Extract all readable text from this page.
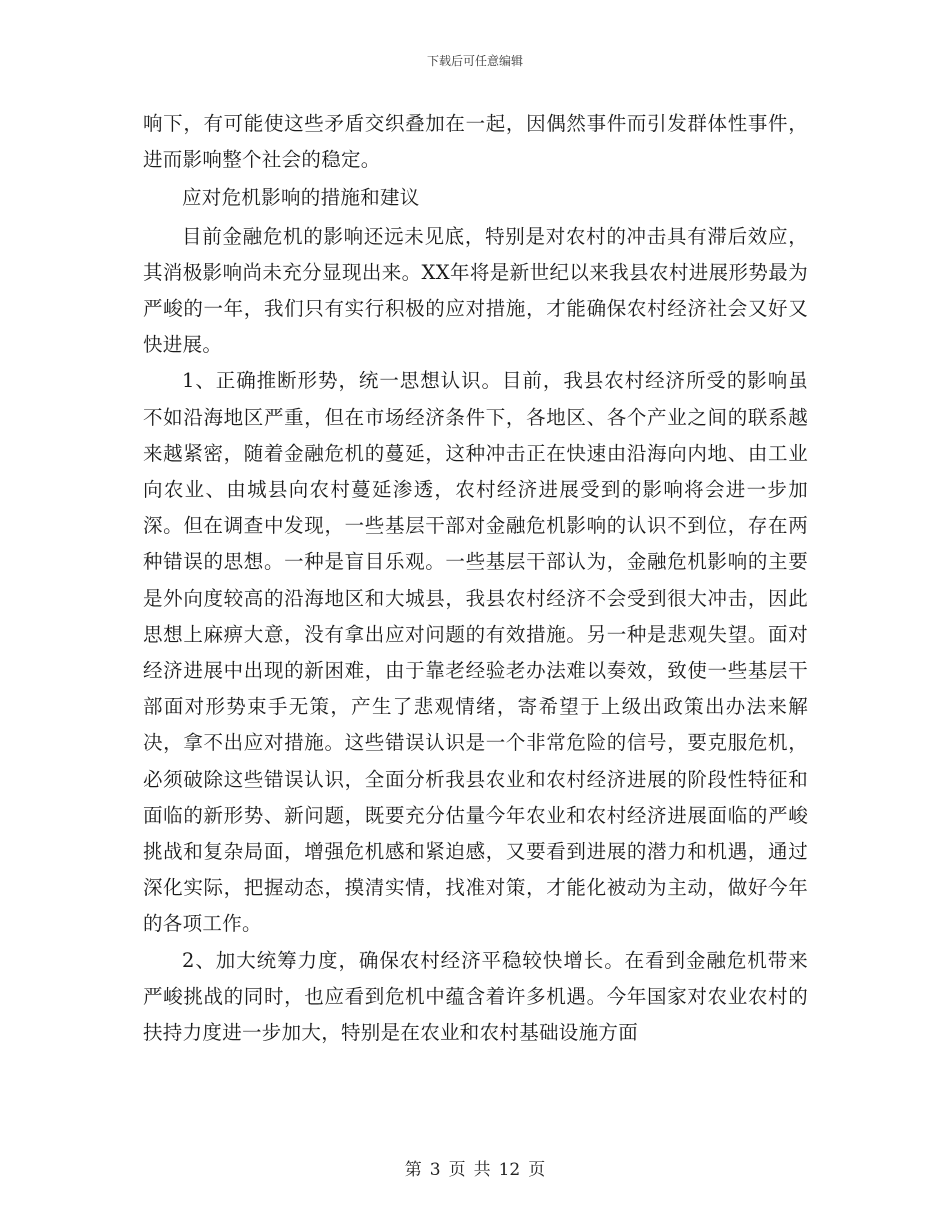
下载后可任意编辑

响下，有可能使这些矛盾交织叠加在一起，因偶然事件而引发群体性事件，进而影响整个社会的稳定。

应对危机影响的措施和建议

目前金融危机的影响还远未见底，特别是对农村的冲击具有滞后效应，其消极影响尚未充分显现出来。XX年将是新世纪以来我县农村进展形势最为严峻的一年，我们只有实行积极的应对措施，才能确保农村经济社会又好又快进展。

1、正确推断形势，统一思想认识。目前，我县农村经济所受的影响虽不如沿海地区严重，但在市场经济条件下，各地区、各个产业之间的联系越来越紧密，随着金融危机的蔓延，这种冲击正在快速由沿海向内地、由工业向农业、由城县向农村蔓延渗透，农村经济进展受到的影响将会进一步加深。但在调查中发现，一些基层干部对金融危机影响的认识不到位，存在两种错误的思想。一种是盲目乐观。一些基层干部认为，金融危机影响的主要是外向度较高的沿海地区和大城县，我县农村经济不会受到很大冲击，因此思想上麻痹大意，没有拿出应对问题的有效措施。另一种是悲观失望。面对经济进展中出现的新困难，由于靠老经验老办法难以奏效，致使一些基层干部面对形势束手无策，产生了悲观情绪，寄希望于上级出政策出办法来解决，拿不出应对措施。这些错误认识是一个非常危险的信号，要克服危机，必须破除这些错误认识，全面分析我县农业和农村经济进展的阶段性特征和面临的新形势、新问题，既要充分估量今年农业和农村经济进展面临的严峻挑战和复杂局面，增强危机感和紧迫感，又要看到进展的潜力和机遇，通过深化实际，把握动态，摸清实情，找准对策，才能化被动为主动，做好今年的各项工作。

2、加大统筹力度，确保农村经济平稳较快增长。在看到金融危机带来严峻挑战的同时，也应看到危机中蕴含着许多机遇。今年国家对农业农村的扶持力度进一步加大，特别是在农业和农村基础设施方面

第 3 页 共 12 页
